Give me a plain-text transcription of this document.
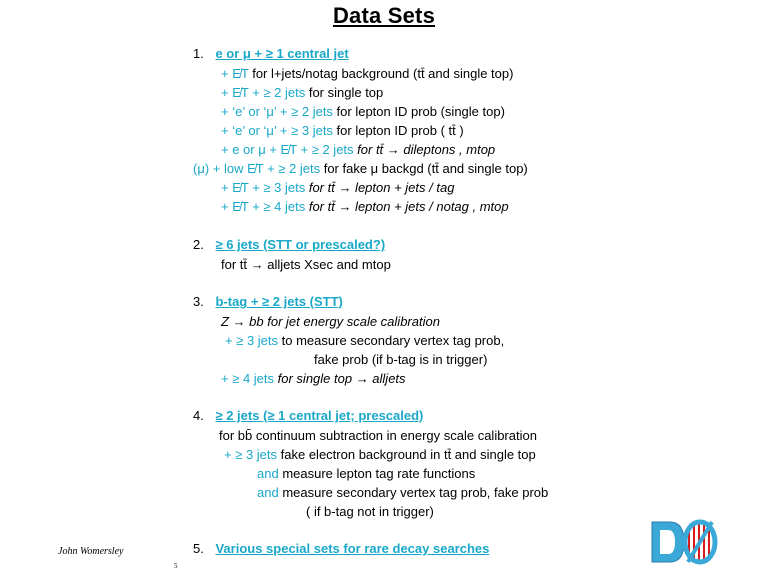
Data Sets
1. e or μ + ≥ 1 central jet
+ E̸T for l+jets/notag background (tt̄ and single top)
+ E̸T + ≥ 2 jets for single top
+ ‘e’ or ‘μ’ + ≥ 2 jets for lepton ID prob (single top)
+ ‘e’ or ‘μ’ + ≥ 3 jets for lepton ID prob ( tt̄ )
+ e or μ + E̸T + ≥ 2 jets for tt̄ → dileptons , mtop
(μ) + low E̸T + ≥ 2 jets for fake μ backgd (tt̄ and single top)
+ E̸T + ≥ 3 jets for tt̄ → lepton + jets / tag
+ E̸T + ≥ 4 jets for tt̄ → lepton + jets / notag , mtop
2. ≥ 6 jets (STT or prescaled?)
for tt̄ → alljets Xsec and mtop
3. b-tag + ≥ 2 jets (STT)
Z → bb for jet energy scale calibration
+ ≥ 3 jets to measure secondary vertex tag prob,
fake prob (if b-tag is in trigger)
+ ≥ 4 jets for single top → alljets
4. ≥ 2 jets (≥ 1 central jet; prescaled)
for bb̄ continuum subtraction in energy scale calibration
+ ≥ 3 jets fake electron background in tt̄ and single top
and measure lepton tag rate functions
and measure secondary vertex tag prob, fake prob
( if b-tag not in trigger)
5. Various special sets for rare decay searches
John Womersley
5
